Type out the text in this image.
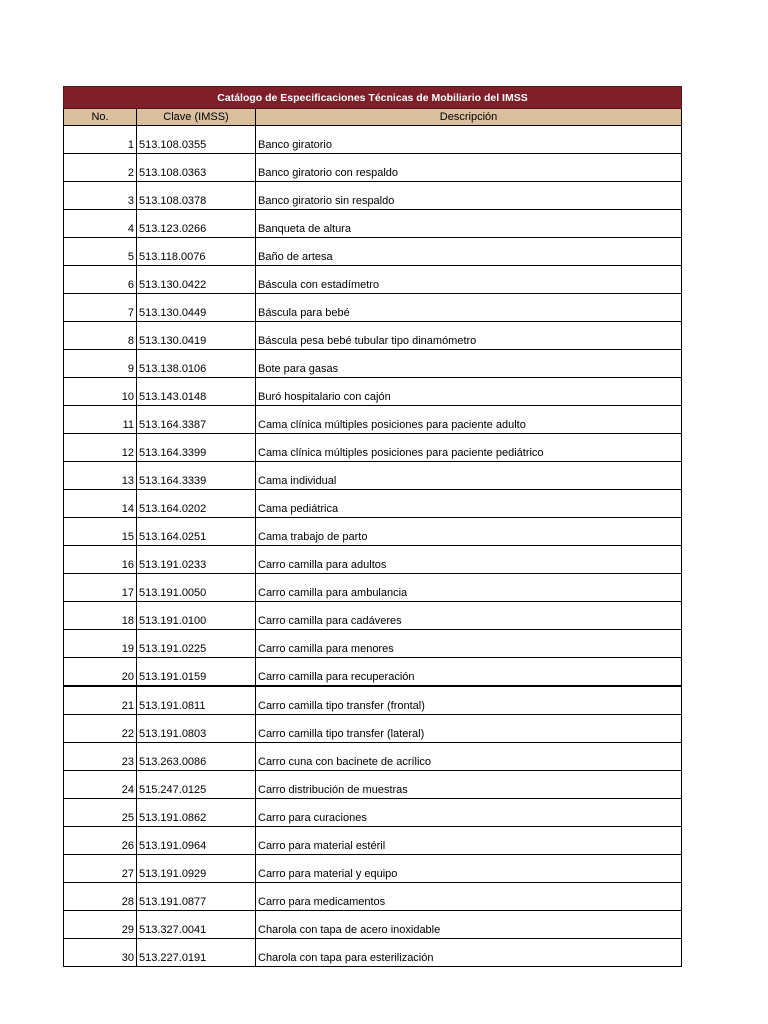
Catálogo de Especificaciones Técnicas de Mobiliario del IMSS		
No.	Clave (IMSS)	Descripción
1	513.108.0355	Banco giratorio
2	513.108.0363	Banco giratorio con respaldo
3	513.108.0378	Banco giratorio sin respaldo
4	513.123.0266	Banqueta de altura
5	513.118.0076	Baño de artesa
6	513.130.0422	Báscula con estadímetro
7	513.130.0449	Báscula para bebé
8	513.130.0419	Báscula pesa bebé tubular tipo dinamómetro
9	513.138.0106	Bote para gasas
10	513.143.0148	Buró hospitalario con cajón
11	513.164.3387	Cama clínica múltiples posiciones para paciente adulto
12	513.164.3399	Cama clínica múltiples posiciones para paciente pediátrico
13	513.164.3339	Cama individual
14	513.164.0202	Cama pediátrica
15	513.164.0251	Cama trabajo de parto
16	513.191.0233	Carro camilla para adultos
17	513.191.0050	Carro camilla para ambulancia
18	513.191.0100	Carro camilla para cadáveres
19	513.191.0225	Carro camilla para menores
20	513.191.0159	Carro camilla para recuperación
21	513.191.0811	Carro camilla tipo transfer (frontal)
22	513.191.0803	Carro camilla tipo transfer (lateral)
23	513.263.0086	Carro cuna con bacinete de acrílico
24	515.247.0125	Carro distribución de muestras
25	513.191.0862	Carro para curaciones
26	513.191.0964	Carro para material estéril
27	513.191.0929	Carro para material y equipo
28	513.191.0877	Carro para medicamentos
29	513.327.0041	Charola con tapa de acero inoxidable
30	513.227.0191	Charola con tapa para esterilización
